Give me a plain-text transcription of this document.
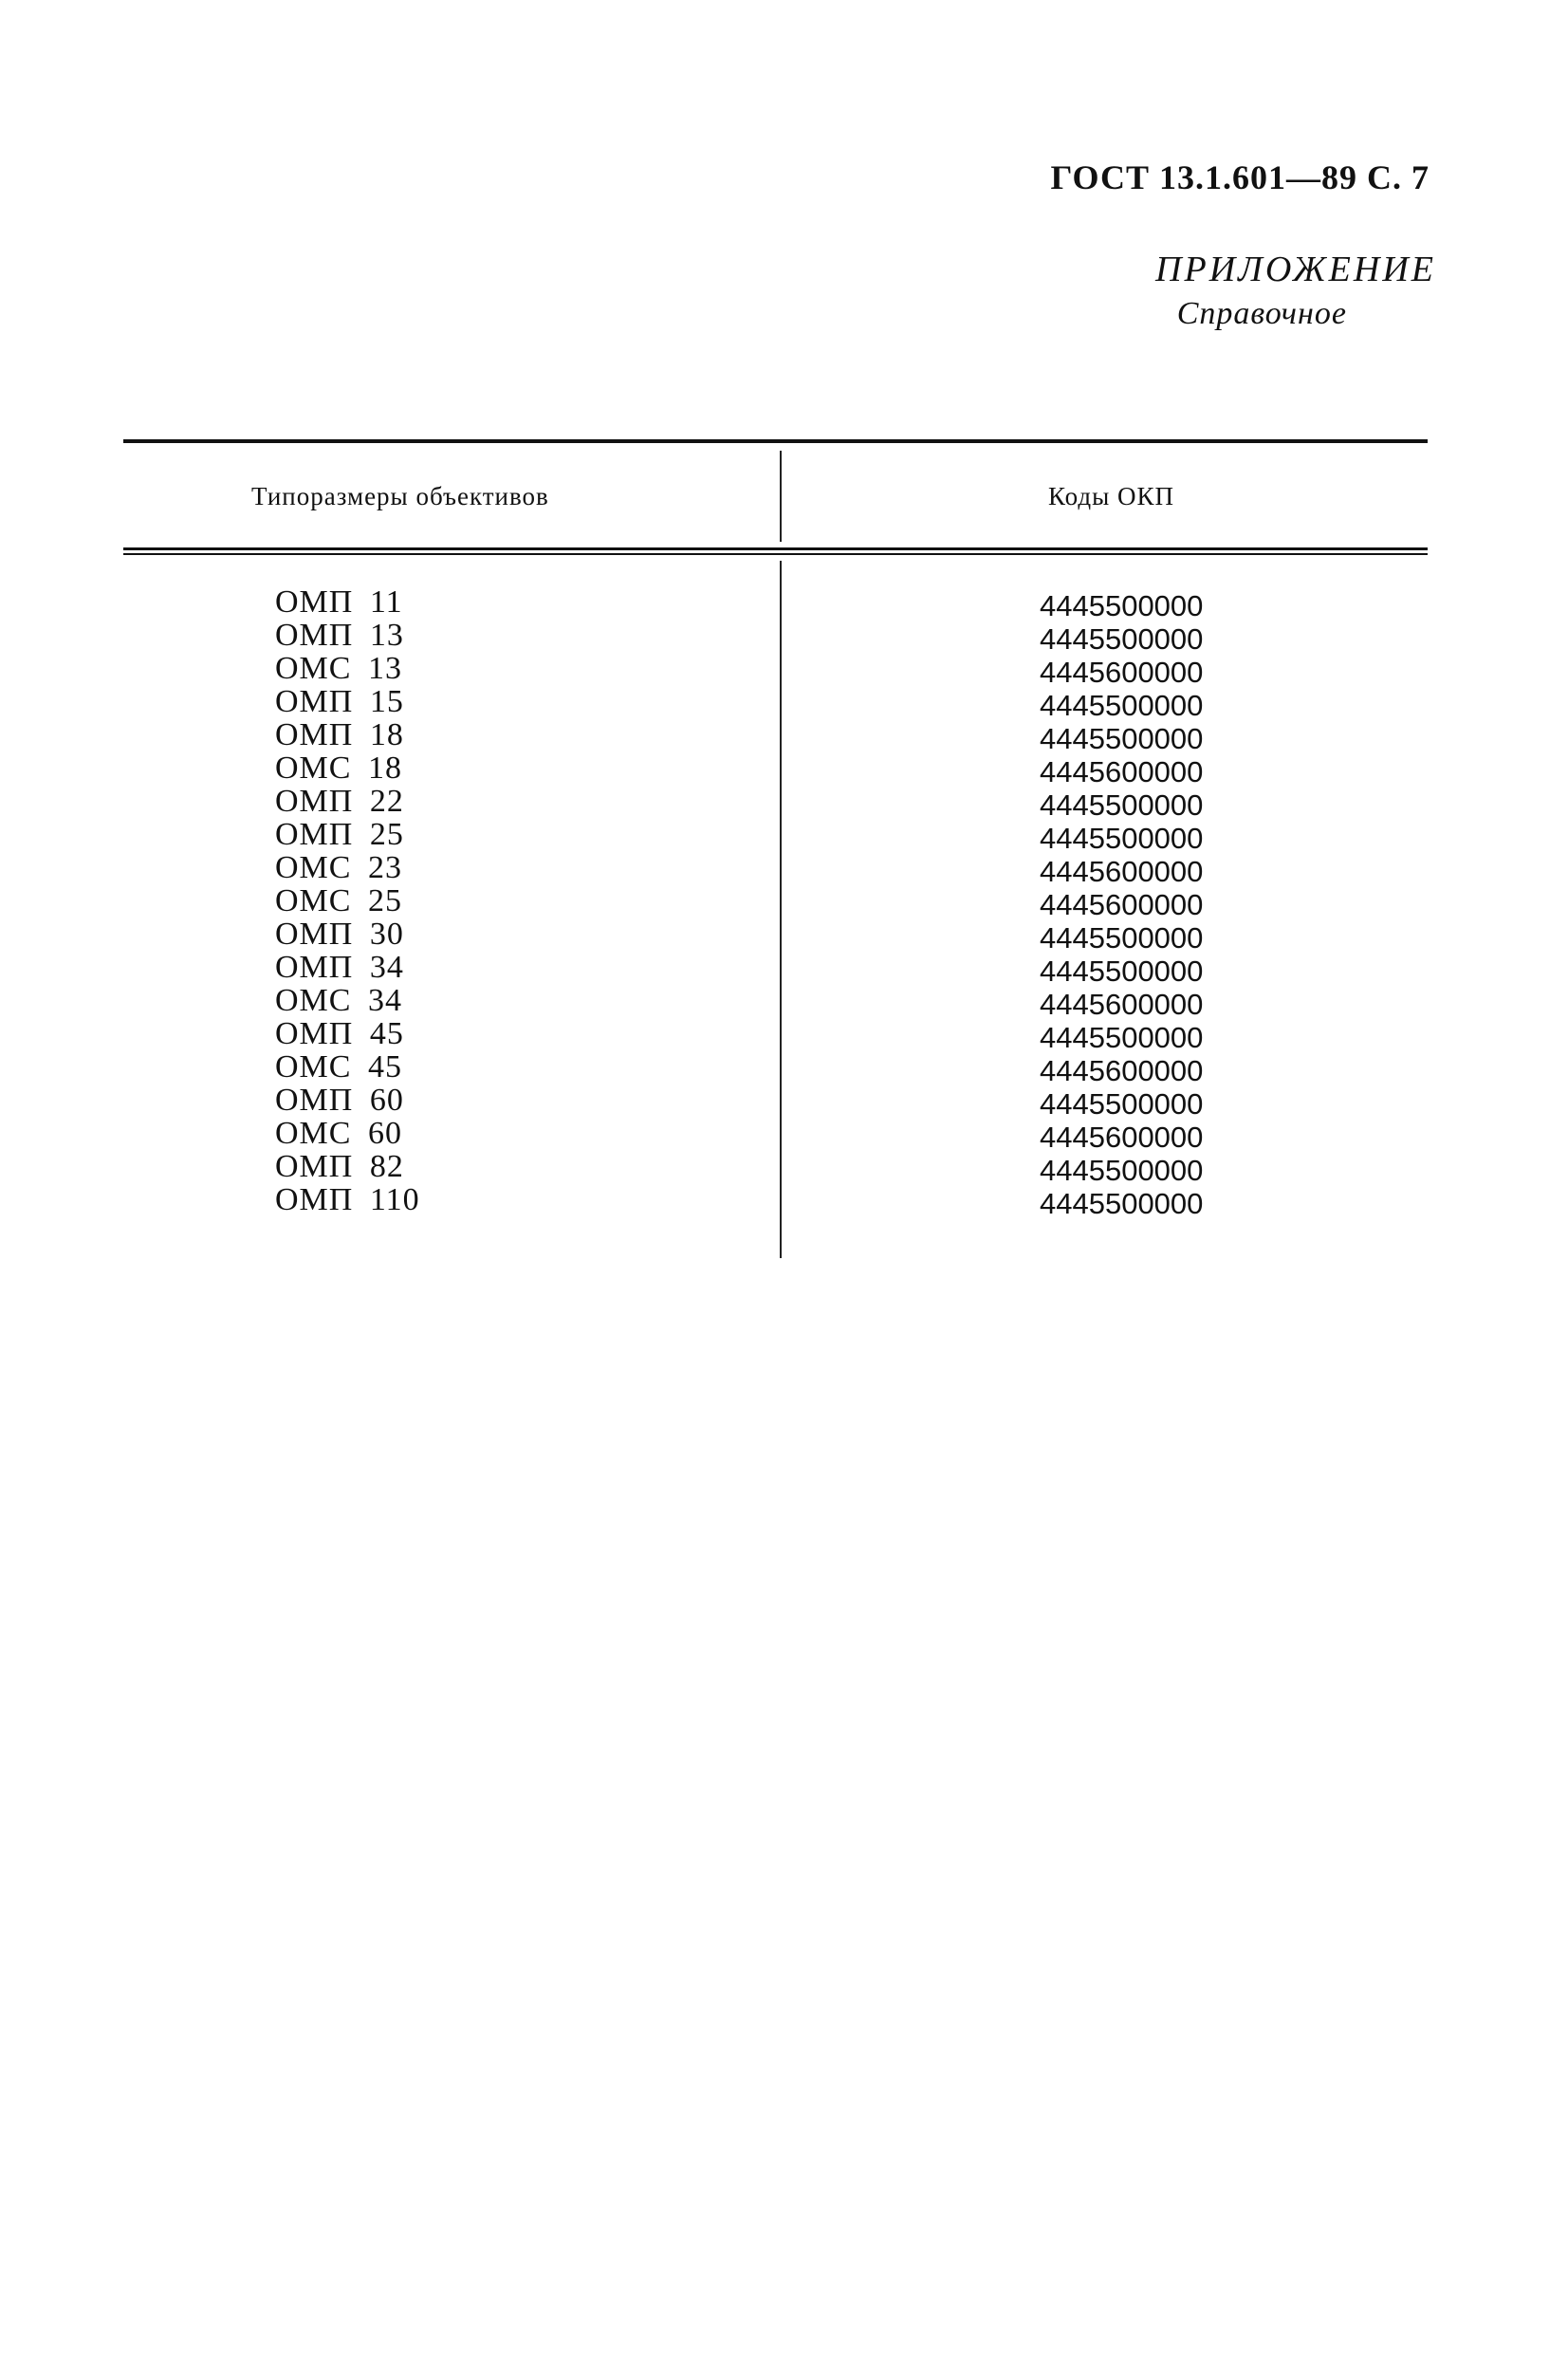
ГОСТ 13.1.601—89 С. 7
ПРИЛОЖЕНИЕ
Справочное
Типоразмеры объективов	Коды ОКП
ОМП 11
ОМП 13
ОМС 13
ОМП 15
ОМП 18
ОМС 18
ОМП 22
ОМП 25
ОМС 23
ОМС 25
ОМП 30
ОМП 34
ОМС 34
ОМП 45
ОМС 45
ОМП 60
ОМС 60
ОМП 82
ОМП 110
4445500000
4445500000
4445600000
4445500000
4445500000
4445600000
4445500000
4445500000
4445600000
4445600000
4445500000
4445500000
4445600000
4445500000
4445600000
4445500000
4445600000
4445500000
4445500000
